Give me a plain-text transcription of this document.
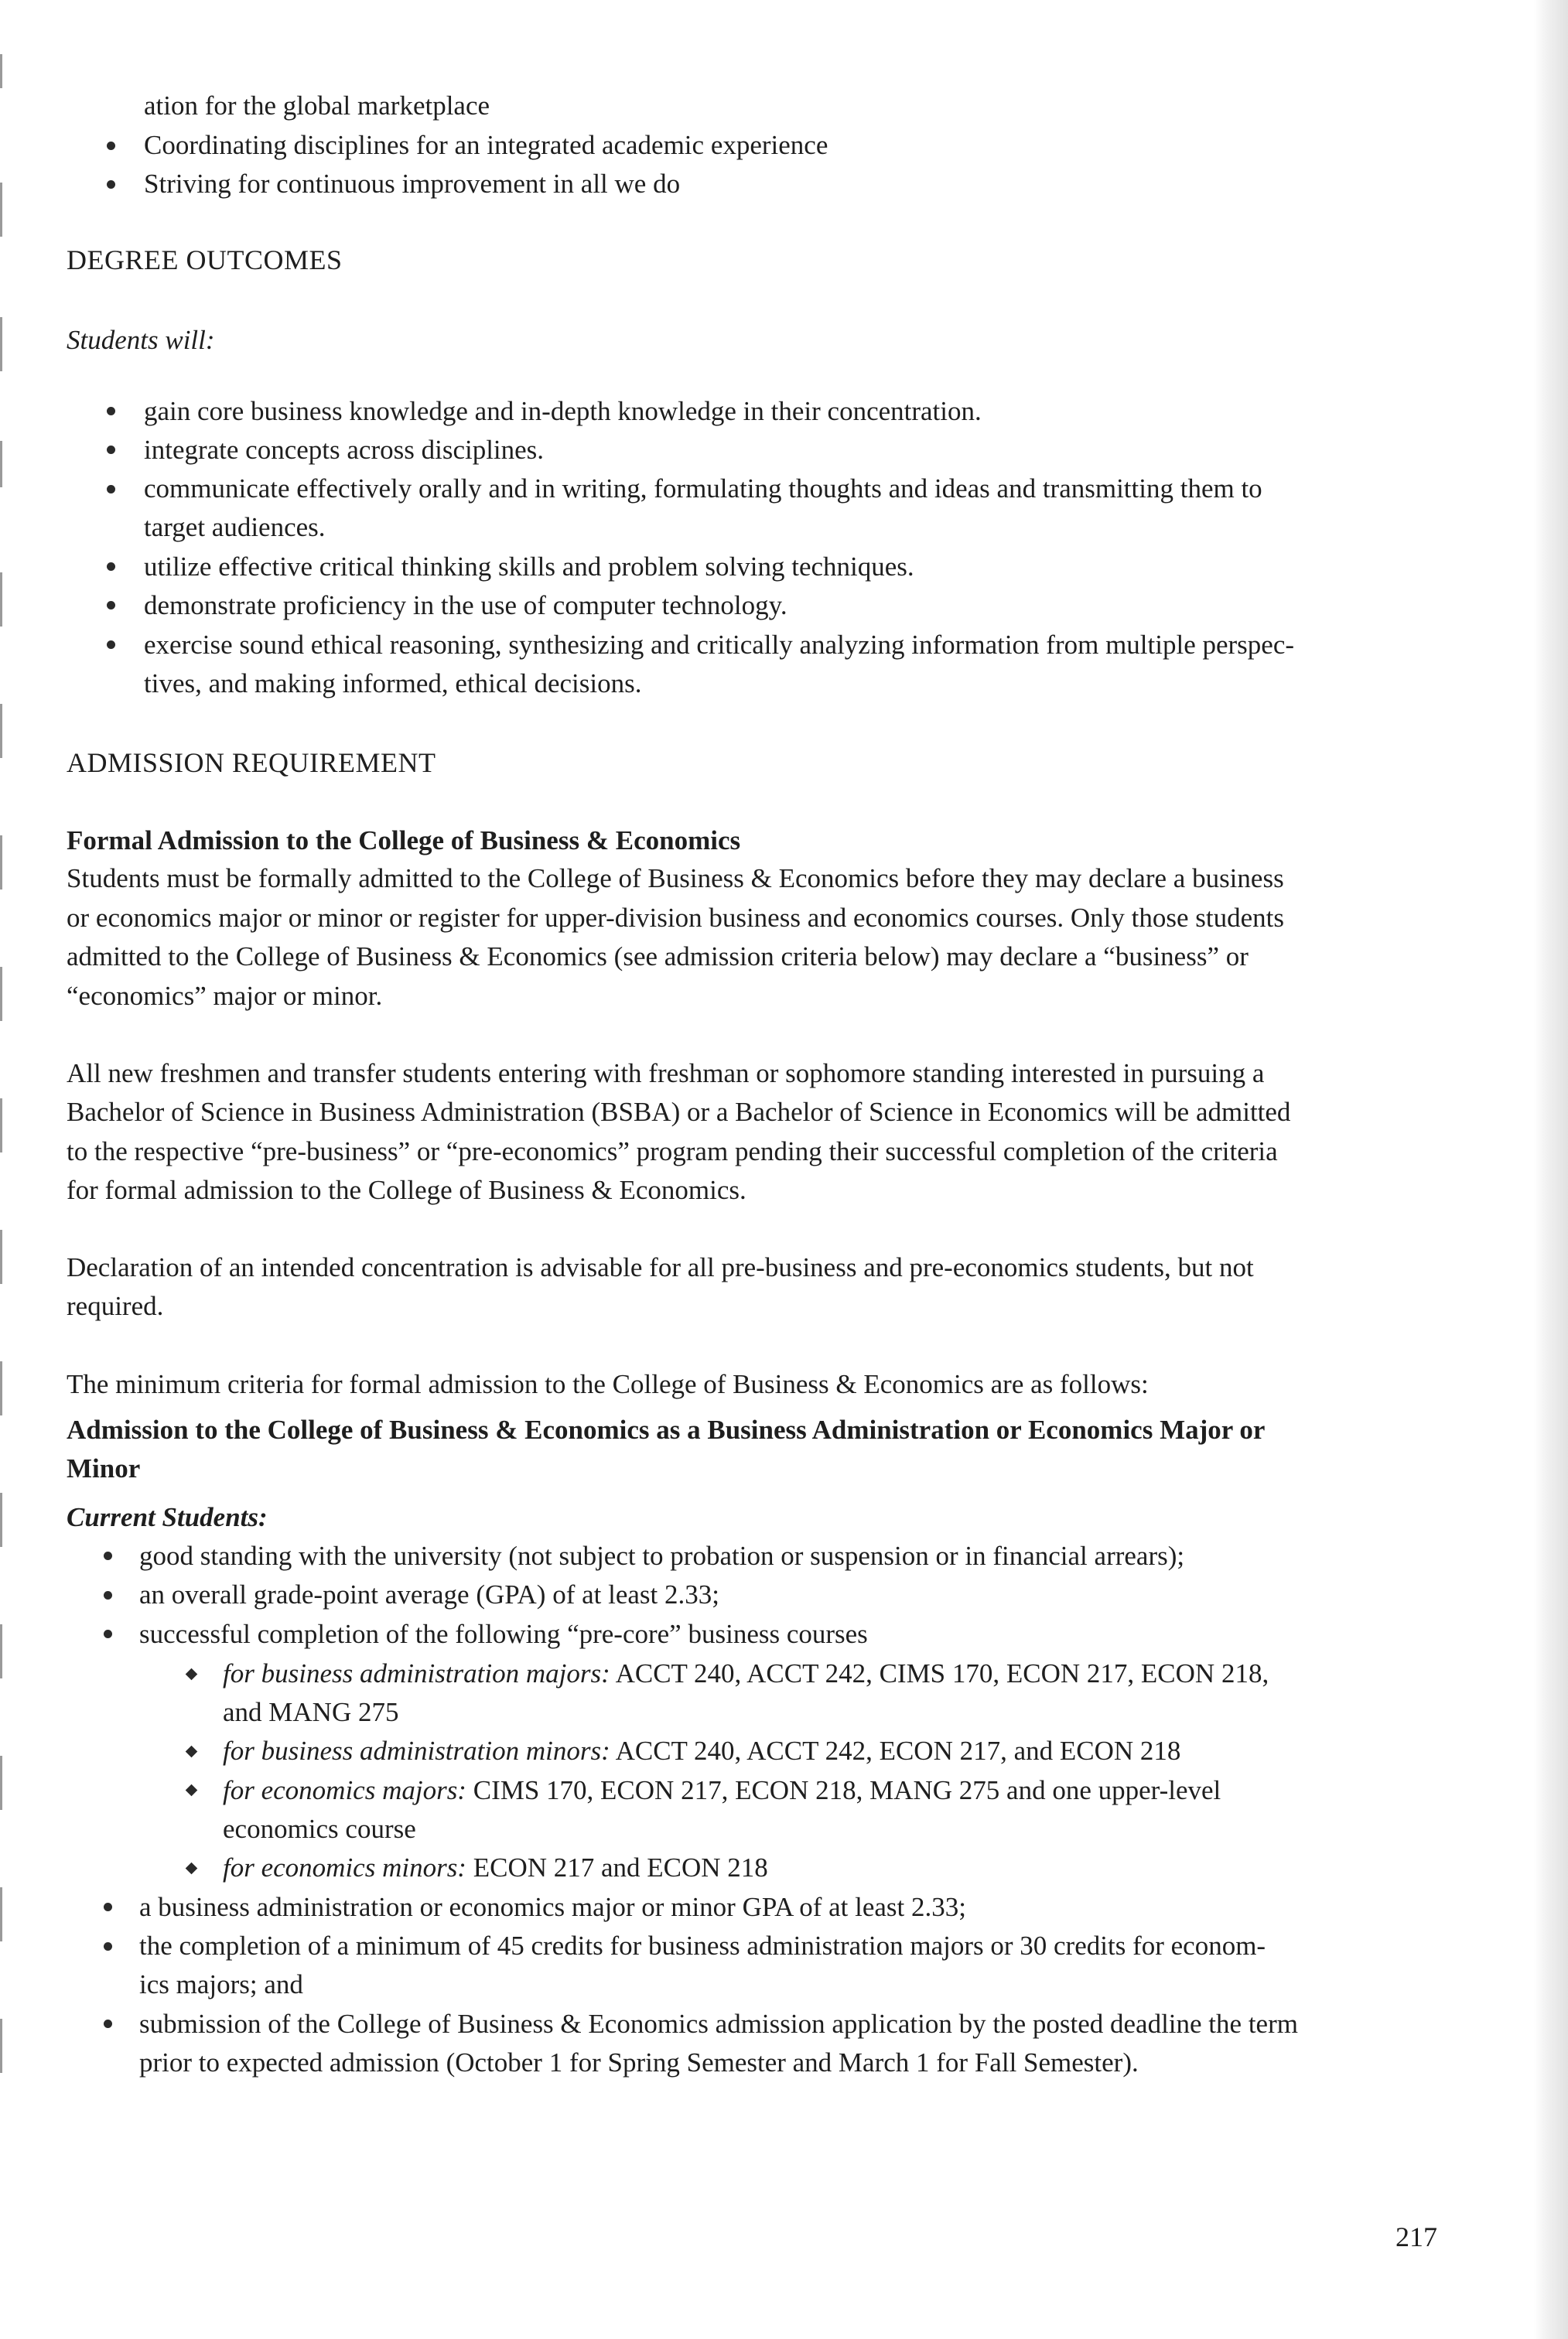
ation for the global marketplace
Coordinating disciplines for an integrated academic experience
Striving for continuous improvement in all we do
DEGREE OUTCOMES
Students will:
gain core business knowledge and in-depth knowledge in their concentration.
integrate concepts across disciplines.
communicate effectively orally and in writing, formulating thoughts and ideas and transmitting them to
target audiences.
utilize effective critical thinking skills and problem solving techniques.
demonstrate proficiency in the use of computer technology.
exercise sound ethical reasoning, synthesizing and critically analyzing information from multiple perspec-
tives, and making informed, ethical decisions.
ADMISSION REQUIREMENT
Formal Admission to the College of Business & Economics
Students must be formally admitted to the College of Business & Economics before they may declare a business
or economics major or minor or register for upper-division business and economics courses. Only those students
admitted to the College of Business & Economics (see admission criteria below) may declare a “business” or
“economics” major or minor.
All new freshmen and transfer students entering with freshman or sophomore standing interested in pursuing a
Bachelor of Science in Business Administration (BSBA) or a Bachelor of Science in Economics will be admitted
to the respective “pre-business” or “pre-economics” program pending their successful completion of the criteria
for formal admission to the College of Business & Economics.
Declaration of an intended concentration is advisable for all pre-business and pre-economics students, but not
required.
The minimum criteria for formal admission to the College of Business & Economics are as follows:
Admission to the College of Business & Economics as a Business Administration or Economics Major or
Minor
Current Students:
good standing with the university (not subject to probation or suspension or in financial arrears);
an overall grade-point average (GPA) of at least 2.33;
successful completion of the following “pre-core” business courses
for business administration majors: ACCT 240, ACCT 242, CIMS 170, ECON 217, ECON 218,
and MANG 275
for business administration minors: ACCT 240, ACCT 242, ECON 217, and ECON 218
for economics majors: CIMS 170, ECON 217, ECON 218, MANG 275 and one upper-level
economics course
for economics minors: ECON 217 and ECON 218
a business administration or economics major or minor GPA of at least 2.33;
the completion of a minimum of 45 credits for business administration majors or 30 credits for econom-
ics majors; and
submission of the College of Business & Economics admission application by the posted deadline the term
prior to expected admission (October 1 for Spring Semester and March 1 for Fall Semester).
217
